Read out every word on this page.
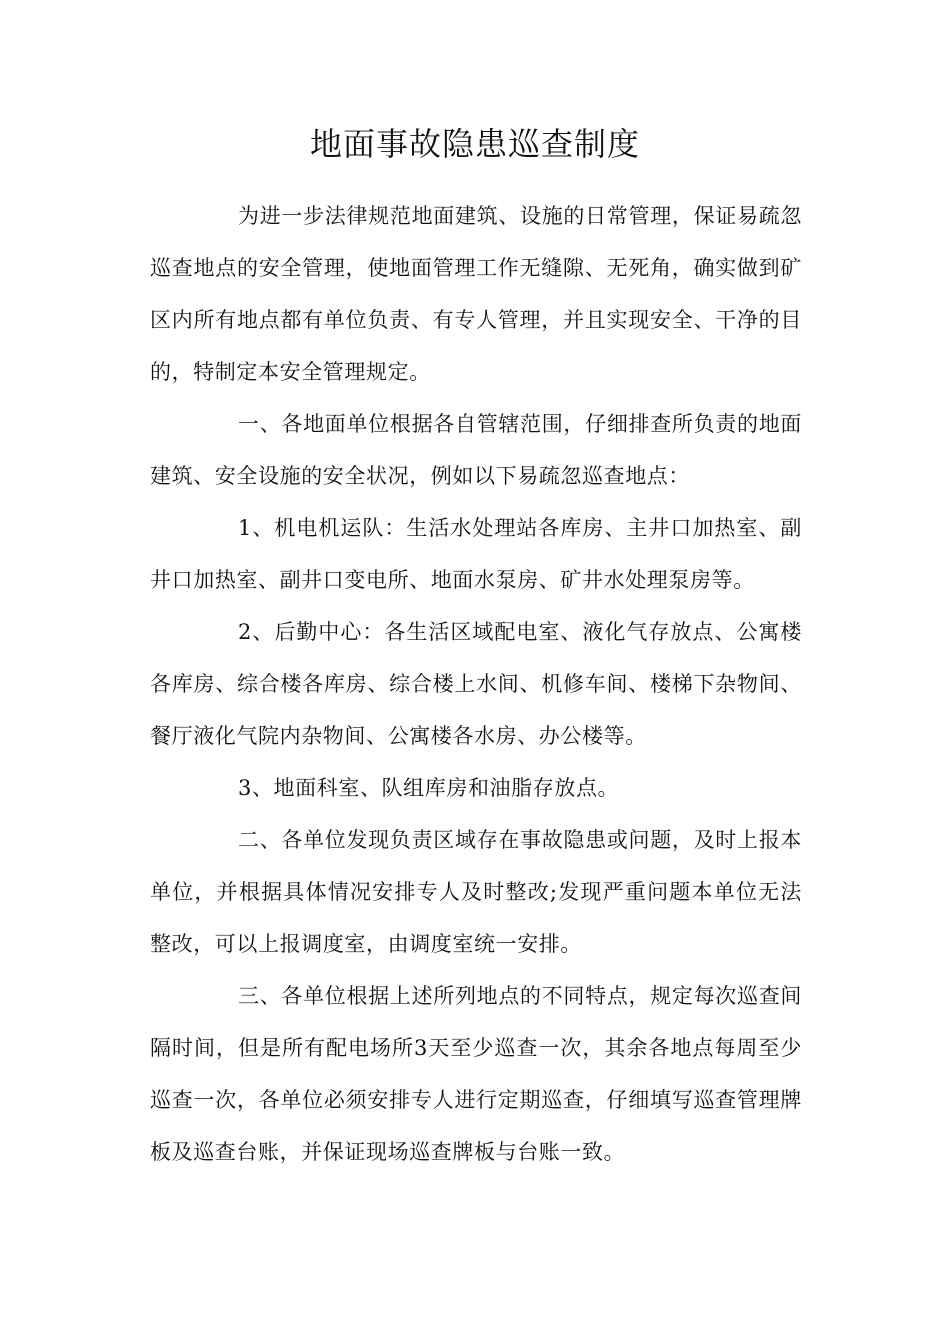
地面事故隐患巡查制度

为进一步法律规范地面建筑、设施的日常管理，保证易疏忽巡查地点的安全管理，使地面管理工作无缝隙、无死角，确实做到矿区内所有地点都有单位负责、有专人管理，并且实现安全、干净的目的，特制定本安全管理规定。

一、各地面单位根据各自管辖范围，仔细排查所负责的地面建筑、安全设施的安全状况，例如以下易疏忽巡查地点：

1、机电机运队：生活水处理站各库房、主井口加热室、副井口加热室、副井口变电所、地面水泵房、矿井水处理泵房等。

2、后勤中心：各生活区域配电室、液化气存放点、公寓楼各库房、综合楼各库房、综合楼上水间、机修车间、楼梯下杂物间、餐厅液化气院内杂物间、公寓楼各水房、办公楼等。

3、地面科室、队组库房和油脂存放点。

二、各单位发现负责区域存在事故隐患或问题，及时上报本单位，并根据具体情况安排专人及时整改;发现严重问题本单位无法整改，可以上报调度室，由调度室统一安排。

三、各单位根据上述所列地点的不同特点，规定每次巡查间隔时间，但是所有配电场所3天至少巡查一次，其余各地点每周至少巡查一次，各单位必须安排专人进行定期巡查，仔细填写巡查管理牌板及巡查台账，并保证现场巡查牌板与台账一致。
